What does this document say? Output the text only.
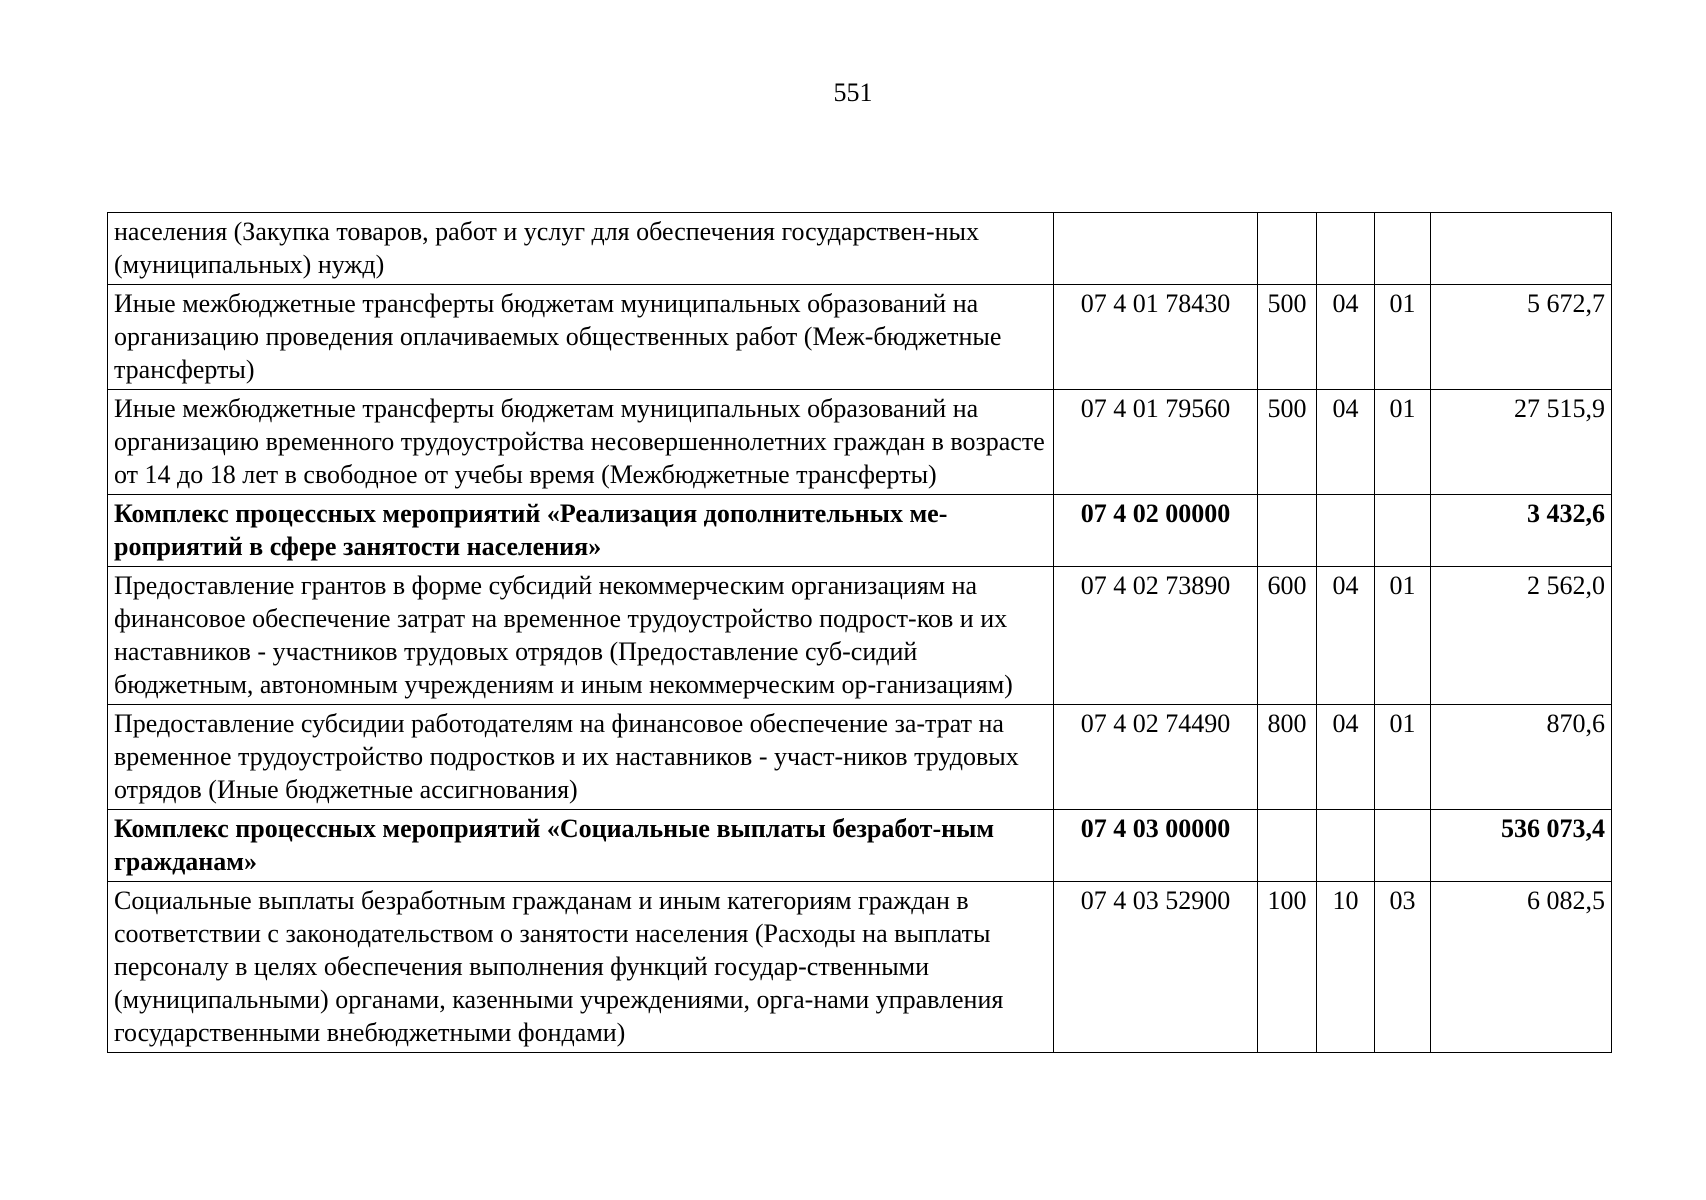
551
населения (Закупка товаров, работ и услуг для обеспечения государствен-ных (муниципальных) нужд)					
Иные межбюджетные трансферты бюджетам муниципальных образований на организацию проведения оплачиваемых общественных работ (Меж-бюджетные трансферты)	07 4 01 78430	500	04	01	5 672,7
Иные межбюджетные трансферты бюджетам муниципальных образований на организацию временного трудоустройства несовершеннолетних граждан в возрасте от 14 до 18 лет в свободное от учебы время (Межбюджетные трансферты)	07 4 01 79560	500	04	01	27 515,9
Комплекс процессных мероприятий «Реализация дополнительных ме-роприятий в сфере занятости населения»	07 4 02 00000				3 432,6
Предоставление грантов в форме субсидий некоммерческим организациям на финансовое обеспечение затрат на временное трудоустройство подрост-ков и их наставников - участников трудовых отрядов (Предоставление суб-сидий бюджетным, автономным учреждениям и иным некоммерческим ор-ганизациям)	07 4 02 73890	600	04	01	2 562,0
Предоставление субсидии работодателям на финансовое обеспечение за-трат на временное трудоустройство подростков и их наставников - участ-ников трудовых отрядов (Иные бюджетные ассигнования)	07 4 02 74490	800	04	01	870,6
Комплекс процессных мероприятий «Социальные выплаты безработ-ным гражданам»	07 4 03 00000				536 073,4
Социальные выплаты безработным гражданам и иным категориям граждан в соответствии с законодательством о занятости населения (Расходы на выплаты персоналу в целях обеспечения выполнения функций государ-ственными (муниципальными) органами, казенными учреждениями, орга-нами управления государственными внебюджетными фондами)	07 4 03 52900	100	10	03	6 082,5
